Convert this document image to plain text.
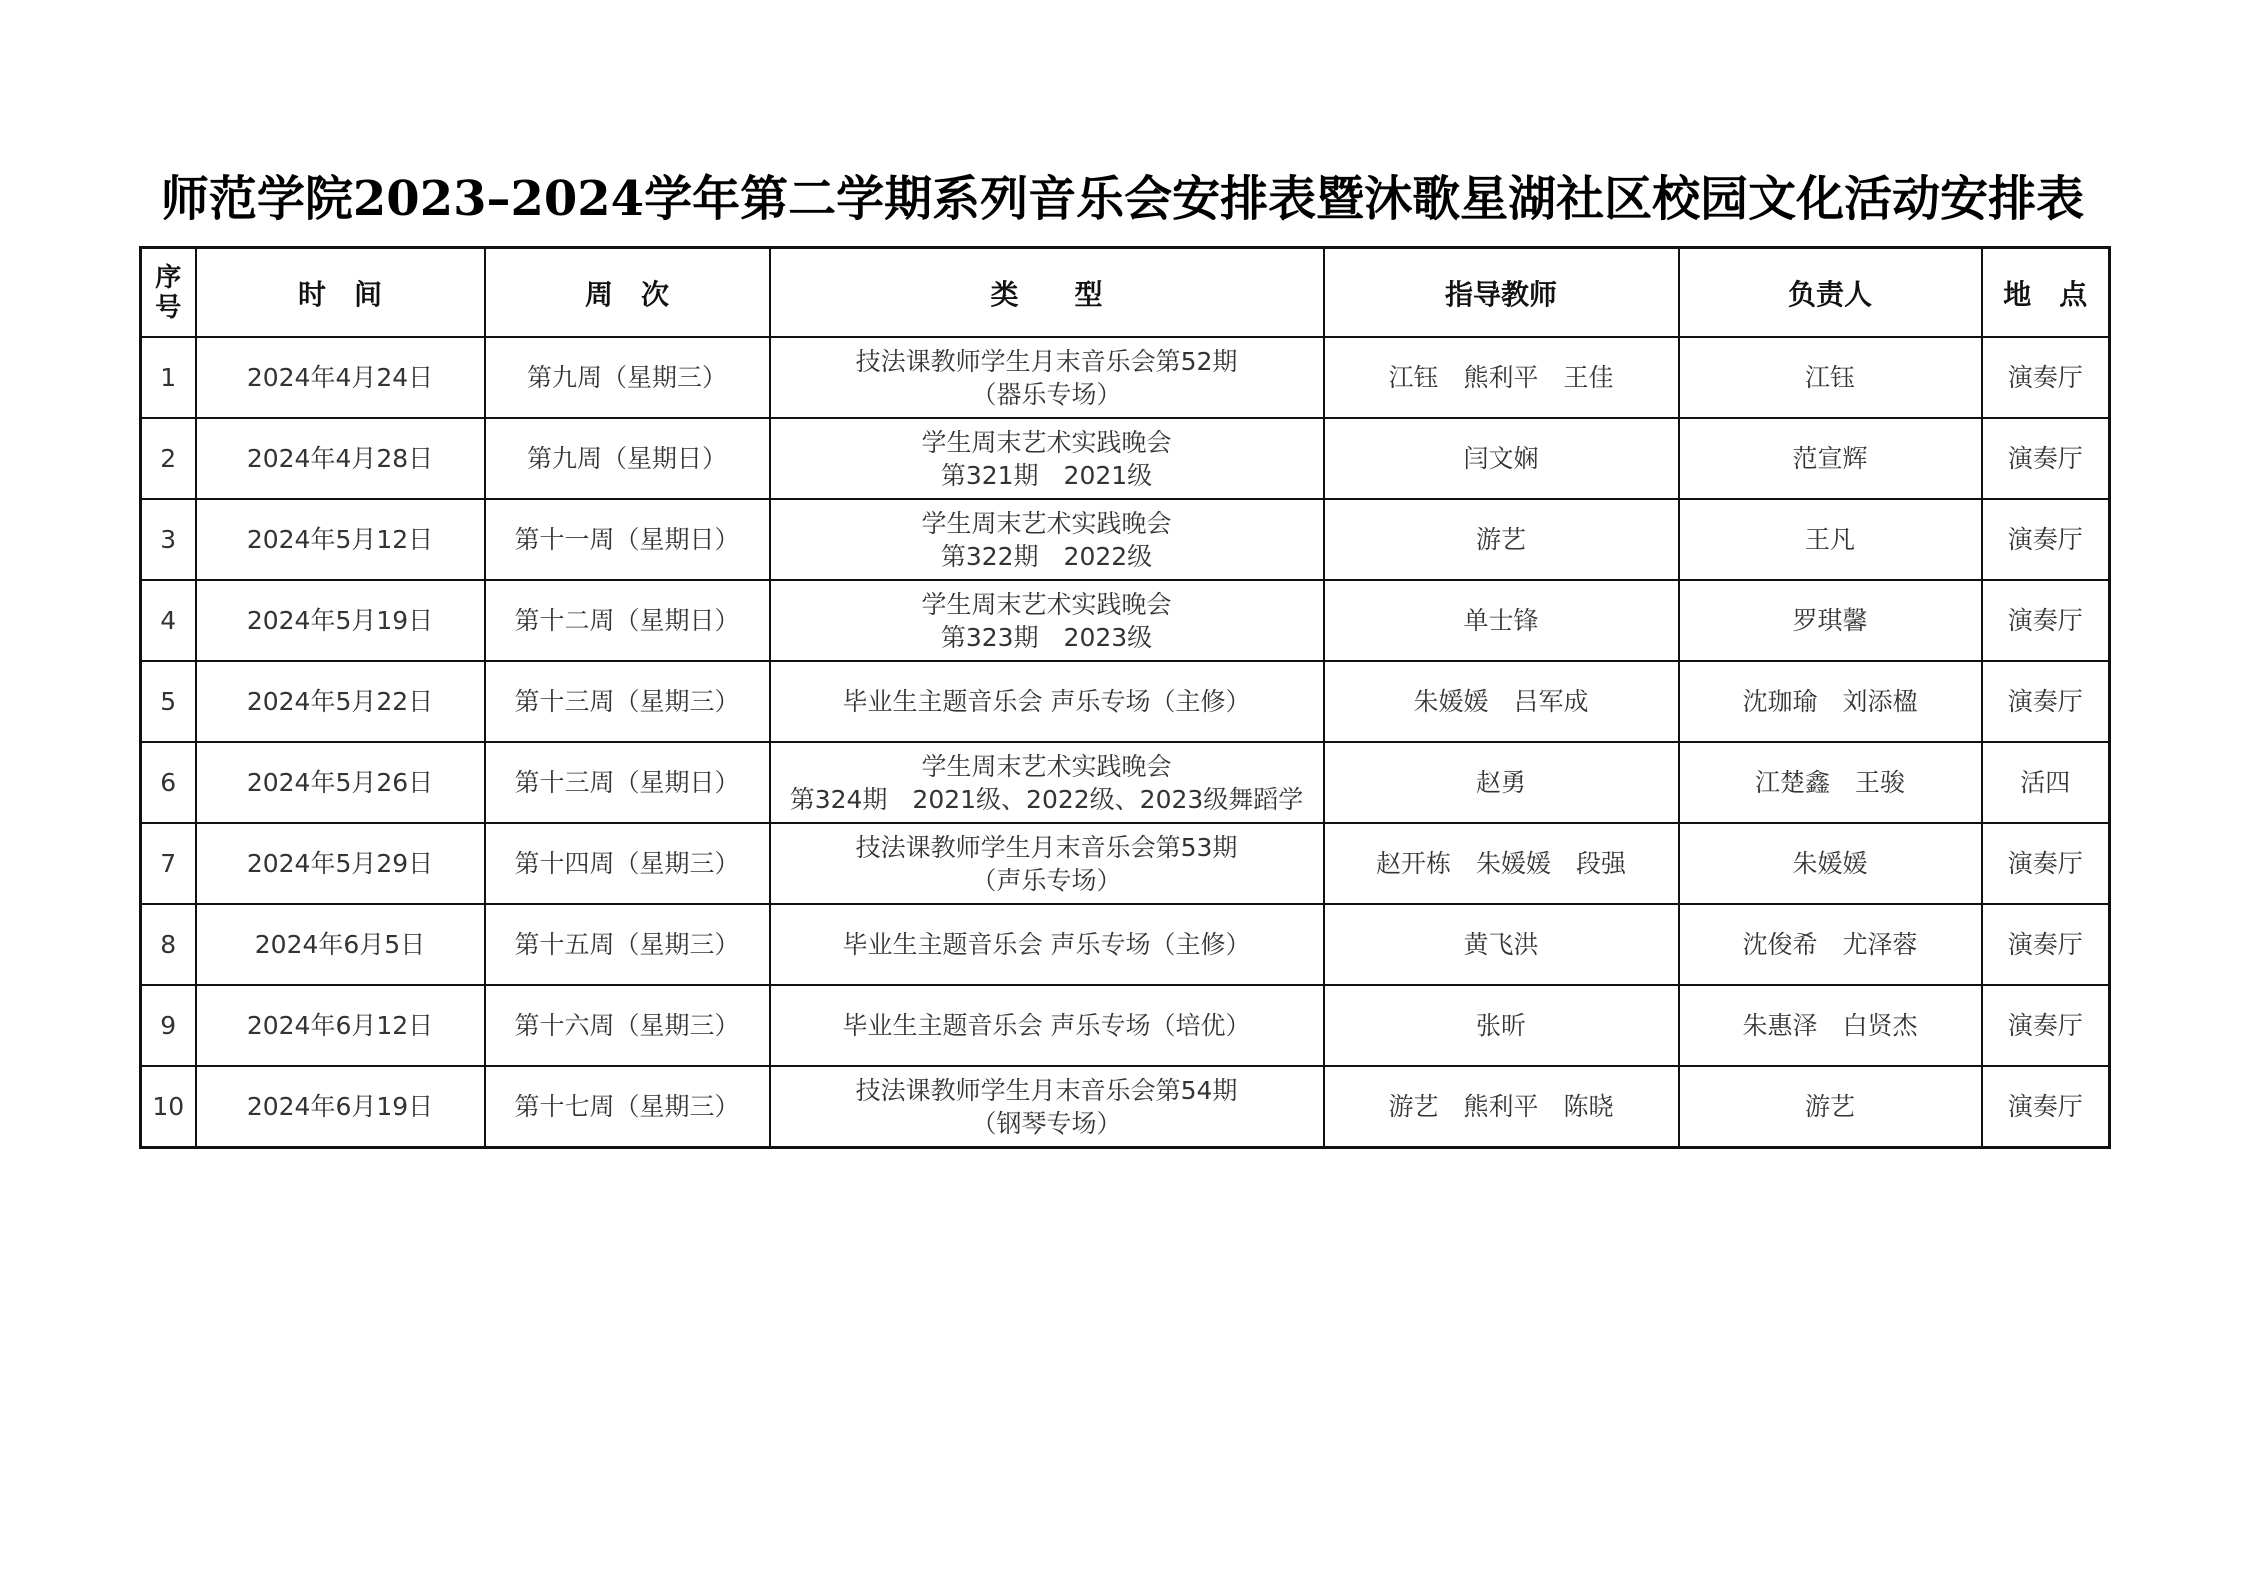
师范学院2023–2024学年第二学期系列音乐会安排表暨沐歌星湖社区校园文化活动安排表
序
号	时　间	周　次	类　　型	指导教师	负责人	地　点
1	2024年4月24日	第九周（星期三）	技法课教师学生月末音乐会第52期
（器乐专场）	江钰　熊利平　王佳	江钰	演奏厅
2	2024年4月28日	第九周（星期日）	学生周末艺术实践晚会
第321期　2021级	闫文娴	范宣辉	演奏厅
3	2024年5月12日	第十一周（星期日）	学生周末艺术实践晚会
第322期　2022级	游艺	王凡	演奏厅
4	2024年5月19日	第十二周（星期日）	学生周末艺术实践晚会
第323期　2023级	单士锋	罗琪馨	演奏厅
5	2024年5月22日	第十三周（星期三）	毕业生主题音乐会 声乐专场（主修）	朱媛媛　吕军成	沈珈瑜　刘添楹	演奏厅
6	2024年5月26日	第十三周（星期日）	学生周末艺术实践晚会
第324期　2021级、2022级、2023级舞蹈学	赵勇	江楚鑫　王骏	活四
7	2024年5月29日	第十四周（星期三）	技法课教师学生月末音乐会第53期
（声乐专场）	赵开栋　朱媛媛　段强	朱媛媛	演奏厅
8	2024年6月5日	第十五周（星期三）	毕业生主题音乐会 声乐专场（主修）	黄飞洪	沈俊希　尤泽蓉	演奏厅
9	2024年6月12日	第十六周（星期三）	毕业生主题音乐会 声乐专场（培优）	张昕	朱惠泽　白贤杰	演奏厅
10	2024年6月19日	第十七周（星期三）	技法课教师学生月末音乐会第54期
（钢琴专场）	游艺　熊利平　陈晓	游艺	演奏厅
